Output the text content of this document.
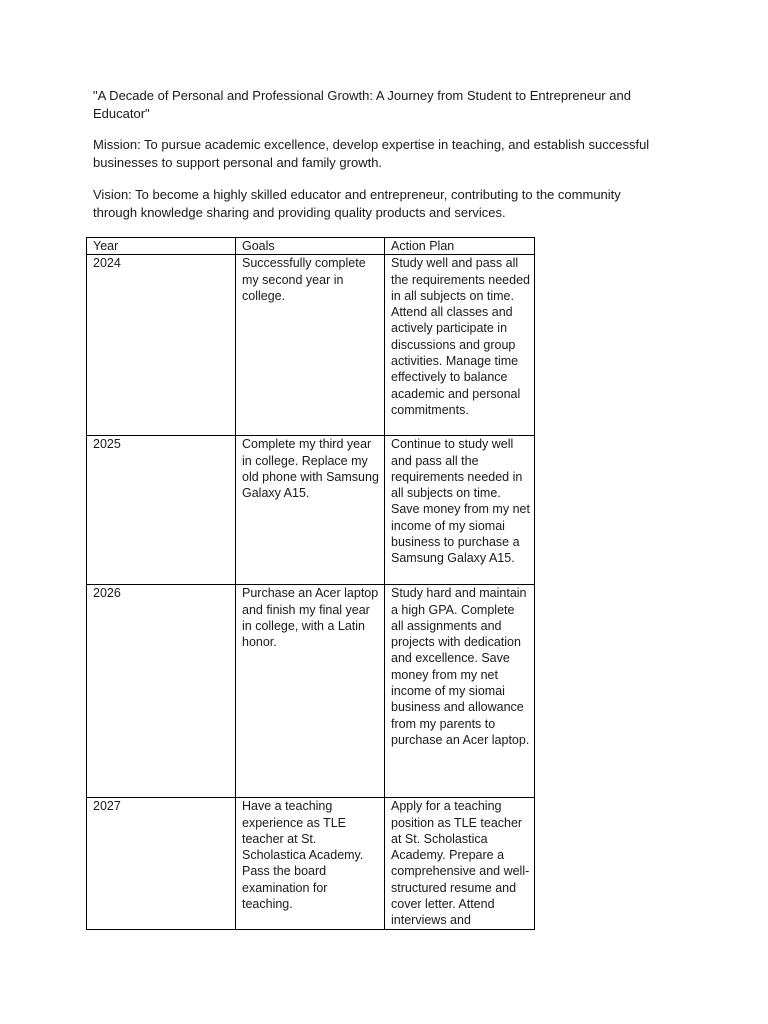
"A Decade of Personal and Professional Growth: A Journey from Student to Entrepreneur and Educator"

Mission: To pursue academic excellence, develop expertise in teaching, and establish successful businesses to support personal and family growth.

Vision: To become a highly skilled educator and entrepreneur, contributing to the community through knowledge sharing and providing quality products and services.

Year	Goals	Action Plan
2024	Successfully complete my second year in college.	Study well and pass all the requirements needed in all subjects on time. Attend all classes and actively participate in discussions and group activities. Manage time effectively to balance academic and personal commitments.
2025	Complete my third year in college. Replace my old phone with Samsung Galaxy A15.	Continue to study well and pass all the requirements needed in all subjects on time. Save money from my net income of my siomai business to purchase a Samsung Galaxy A15.
2026	Purchase an Acer laptop and finish my final year in college, with a Latin honor.	Study hard and maintain a high GPA. Complete all assignments and projects with dedication and excellence. Save money from my net income of my siomai business and allowance from my parents to purchase an Acer laptop.
2027	Have a teaching experience as TLE teacher at St. Scholastica Academy. Pass the board examination for teaching.	Apply for a teaching position as TLE teacher at St. Scholastica Academy. Prepare a comprehensive and well-structured resume and cover letter. Attend interviews and
